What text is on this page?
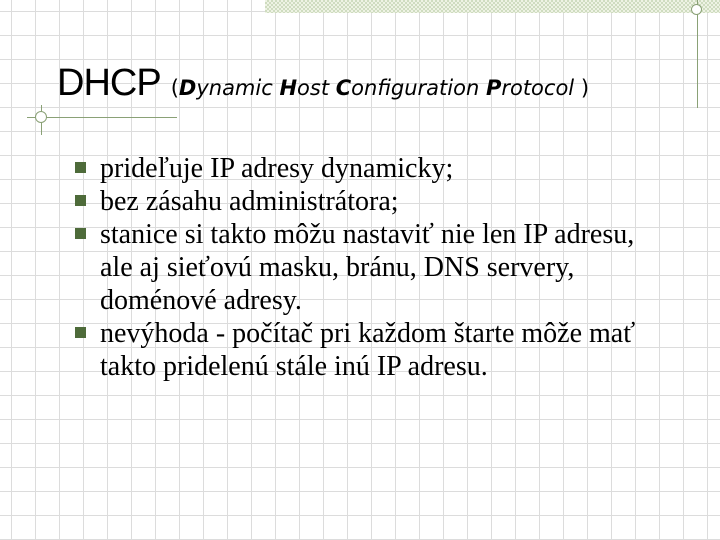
DHCP (Dynamic Host Configuration Protocol )
prideľuje IP adresy dynamicky;
bez zásahu administrátora;
stanice si takto môžu nastaviť nie len IP adresu, ale aj sieťovú masku, bránu, DNS servery, doménové adresy.
nevýhoda - počítač pri každom štarte môže mať takto pridelenú stále inú IP adresu.
